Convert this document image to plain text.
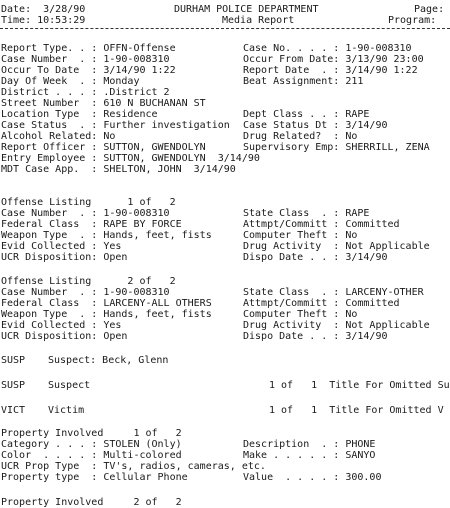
Date:  3/28/90
Time: 10:53:29
DURHAM POLICE DEPARTMENT
Media Report
Page:
Program:
Report Type. . : OFFN-Offense
Case Number  . : 1-90-008310
Occur To Date  : 3/14/90 1:22
Day Of Week  . : Monday
District . . . : .District 2
Street Number  : 610 N BUCHANAN ST
Location Type  : Residence
Case Status  . : Further investigation
Alcohol Related: No
Report Officer : SUTTON, GWENDOLYN
Entry Employee : SUTTON, GWENDOLYN  3/14/90
MDT Case App.  : SHELTON, JOHN  3/14/90
Case No. . . . : 1-90-008310
Occur From Date: 3/13/90 23:00
Report Date  . : 3/14/90 1:22
Beat Assignment: 211
Dept Class . . : RAPE
Case Status Dt : 3/14/90
Drug Related?  : No
Supervisory Emp: SHERRILL, ZENA
Offense Listing      1 of   2
Case Number  . : 1-90-008310
Federal Class  : RAPE BY FORCE
Weapon Type  . : Hands, feet, fists
Evid Collected : Yes
UCR Disposition: Open
State Class  . : RAPE
Attmpt/Committ : Committed
Computer Theft : No
Drug Activity  : Not Applicable
Dispo Date . . : 3/14/90
Offense Listing      2 of   2
Case Number  . : 1-90-008310
Federal Class  : LARCENY-ALL OTHERS
Weapon Type  . : Hands, feet, fists
Evid Collected : Yes
UCR Disposition: Open
State Class  . : LARCENY-OTHER
Attmpt/Committ : Committed
Computer Theft : No
Drug Activity  : Not Applicable
Dispo Date . . : 3/14/90
SUSP Suspect: Beck, Glenn
SUSP Suspect	1 of   1  Title For Omitted Su
VICT Victim	1 of   1  Title For Omitted V
Property Involved     1 of   2
Category . . . : STOLEN (Only)
Color  . . . . : Multi-colored
UCR Prop Type  : TV's, radios, cameras, etc.
Property type  : Cellular Phone
Description  . : PHONE
Make . . . . . : SANYO
Value  . . . . : 300.00
Property Involved     2 of   2
